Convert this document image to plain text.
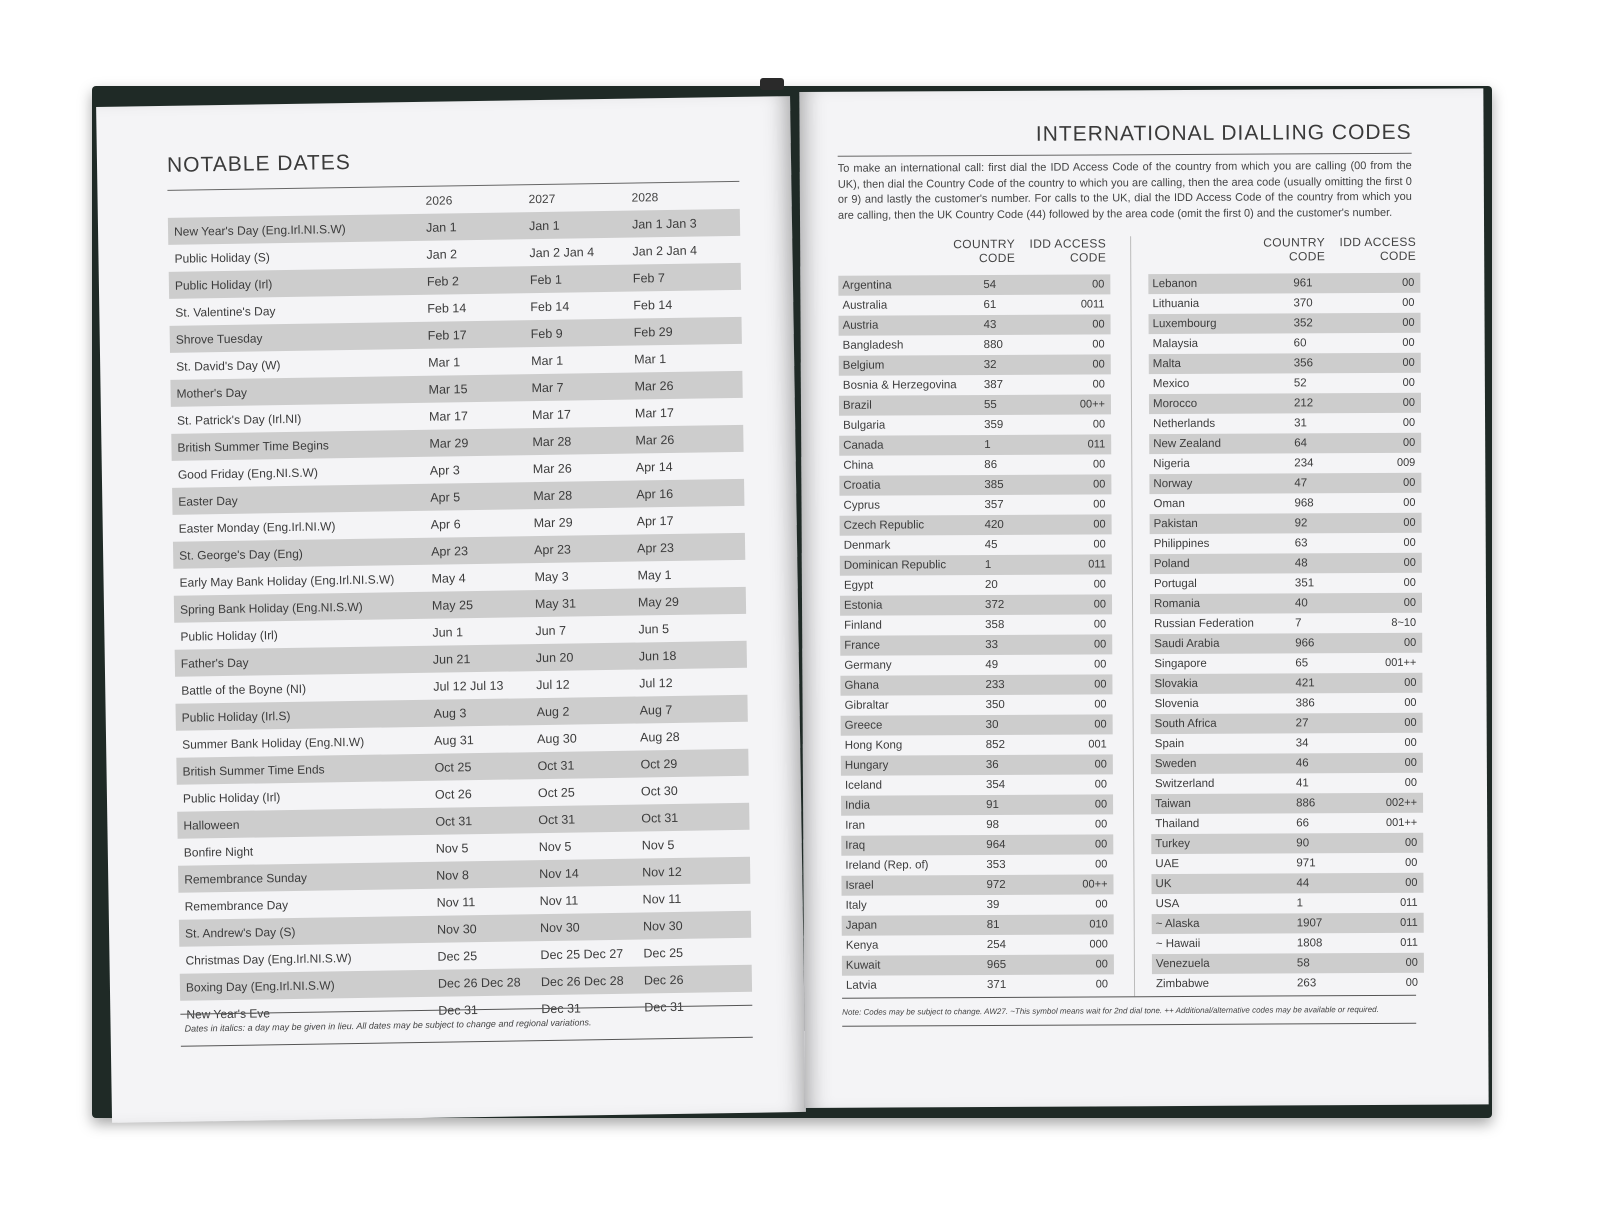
NOTABLE DATES
2026	2027	2028
New Year's Day (Eng.Irl.NI.S.W)	Jan 1	Jan 1	Jan 1 Jan 3
Public Holiday (S)	Jan 2	Jan 2 Jan 4	Jan 2 Jan 4
Public Holiday (Irl)	Feb 2	Feb 1	Feb 7
St. Valentine's Day	Feb 14	Feb 14	Feb 14
Shrove Tuesday	Feb 17	Feb 9	Feb 29
St. David's Day (W)	Mar 1	Mar 1	Mar 1
Mother's Day	Mar 15	Mar 7	Mar 26
St. Patrick's Day (Irl.NI)	Mar 17	Mar 17	Mar 17
British Summer Time Begins	Mar 29	Mar 28	Mar 26
Good Friday (Eng.NI.S.W)	Apr 3	Mar 26	Apr 14
Easter Day	Apr 5	Mar 28	Apr 16
Easter Monday (Eng.Irl.NI.W)	Apr 6	Mar 29	Apr 17
St. George's Day (Eng)	Apr 23	Apr 23	Apr 23
Early May Bank Holiday (Eng.Irl.NI.S.W)	May 4	May 3	May 1
Spring Bank Holiday (Eng.NI.S.W)	May 25	May 31	May 29
Public Holiday (Irl)	Jun 1	Jun 7	Jun 5
Father's Day	Jun 21	Jun 20	Jun 18
Battle of the Boyne (NI)	Jul 12 Jul 13	Jul 12	Jul 12
Public Holiday (Irl.S)	Aug 3	Aug 2	Aug 7
Summer Bank Holiday (Eng.NI.W)	Aug 31	Aug 30	Aug 28
British Summer Time Ends	Oct 25	Oct 31	Oct 29
Public Holiday (Irl)	Oct 26	Oct 25	Oct 30
Halloween	Oct 31	Oct 31	Oct 31
Bonfire Night	Nov 5	Nov 5	Nov 5
Remembrance Sunday	Nov 8	Nov 14	Nov 12
Remembrance Day	Nov 11	Nov 11	Nov 11
St. Andrew's Day (S)	Nov 30	Nov 30	Nov 30
Christmas Day (Eng.Irl.NI.S.W)	Dec 25	Dec 25 Dec 27	Dec 25
Boxing Day (Eng.Irl.NI.S.W)	Dec 26 Dec 28	Dec 26 Dec 28	Dec 26
New Year's Eve	Dec 31	Dec 31	Dec 31
Dates in italics: a day may be given in lieu. All dates may be subject to change and regional variations.
INTERNATIONAL DIALLING CODES
To make an international call: first dial the IDD Access Code of the country from which you are calling (00 from the UK), then dial the Country Code of the country to which you are calling, then the area code (usually omitting the first 0 or 9) and lastly the customer's number. For calls to the UK, dial the IDD Access Code of the country from which you are calling, then the UK Country Code (44) followed by the area code (omit the first 0) and the customer's number.
COUNTRY CODE
IDD ACCESS CODE
Argentina	54	00
Australia	61	0011
Austria	43	00
Bangladesh	880	00
Belgium	32	00
Bosnia & Herzegovina	387	00
Brazil	55	00++
Bulgaria	359	00
Canada	1	011
China	86	00
Croatia	385	00
Cyprus	357	00
Czech Republic	420	00
Denmark	45	00
Dominican Republic	1	011
Egypt	20	00
Estonia	372	00
Finland	358	00
France	33	00
Germany	49	00
Ghana	233	00
Gibraltar	350	00
Greece	30	00
Hong Kong	852	001
Hungary	36	00
Iceland	354	00
India	91	00
Iran	98	00
Iraq	964	00
Ireland (Rep. of)	353	00
Israel	972	00++
Italy	39	00
Japan	81	010
Kenya	254	000
Kuwait	965	00
Latvia	371	00
COUNTRY CODE
IDD ACCESS CODE
Lebanon	961	00
Lithuania	370	00
Luxembourg	352	00
Malaysia	60	00
Malta	356	00
Mexico	52	00
Morocco	212	00
Netherlands	31	00
New Zealand	64	00
Nigeria	234	009
Norway	47	00
Oman	968	00
Pakistan	92	00
Philippines	63	00
Poland	48	00
Portugal	351	00
Romania	40	00
Russian Federation	7	8~10
Saudi Arabia	966	00
Singapore	65	001++
Slovakia	421	00
Slovenia	386	00
South Africa	27	00
Spain	34	00
Sweden	46	00
Switzerland	41	00
Taiwan	886	002++
Thailand	66	001++
Turkey	90	00
UAE	971	00
UK	44	00
USA	1	011
~ Alaska	1907	011
~ Hawaii	1808	011
Venezuela	58	00
Zimbabwe	263	00
Note: Codes may be subject to change. AW27. ~This symbol means wait for 2nd dial tone. ++ Additional/alternative codes may be available or required.
